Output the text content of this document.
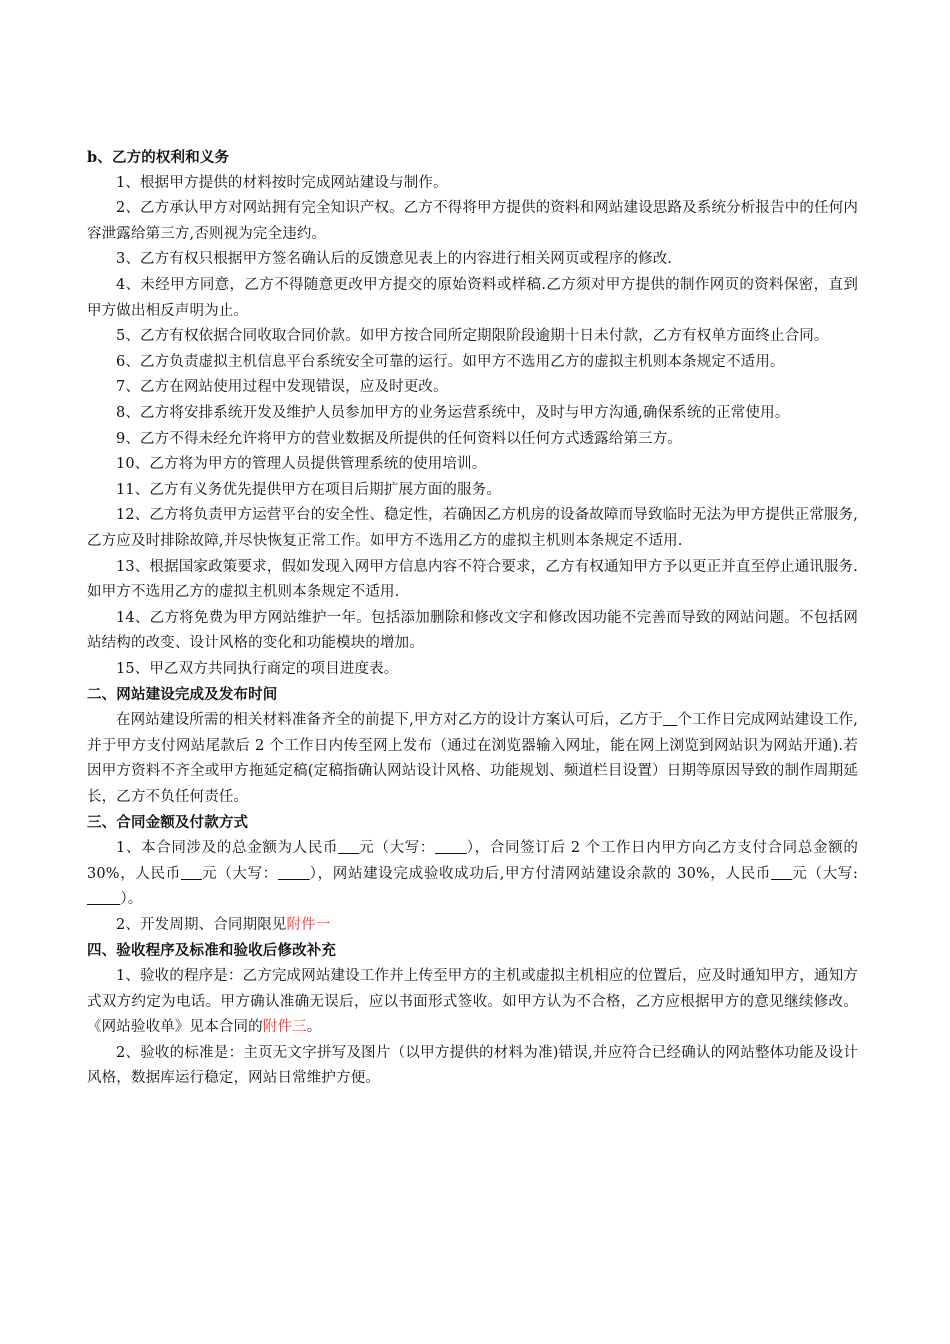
b、乙方的权利和义务

1、根据甲方提供的材料按时完成网站建设与制作。

2、乙方承认甲方对网站拥有完全知识产权。乙方不得将甲方提供的资料和网站建设思路及系统分析报告中的任何内容泄露给第三方,否则视为完全违约。

3、乙方有权只根据甲方签名确认后的反馈意见表上的内容进行相关网页或程序的修改.

4、未经甲方同意，乙方不得随意更改甲方提交的原始资料或样稿.乙方须对甲方提供的制作网页的资料保密，直到甲方做出相反声明为止。

5、乙方有权依据合同收取合同价款。如甲方按合同所定期限阶段逾期十日未付款，乙方有权单方面终止合同。

6、乙方负责虚拟主机信息平台系统安全可靠的运行。如甲方不选用乙方的虚拟主机则本条规定不适用。

7、乙方在网站使用过程中发现错误，应及时更改。

8、乙方将安排系统开发及维护人员参加甲方的业务运营系统中，及时与甲方沟通,确保系统的正常使用。

9、乙方不得未经允许将甲方的营业数据及所提供的任何资料以任何方式透露给第三方。

10、乙方将为甲方的管理人员提供管理系统的使用培训。

11、乙方有义务优先提供甲方在项目后期扩展方面的服务。

12、乙方将负责甲方运营平台的安全性、稳定性，若确因乙方机房的设备故障而导致临时无法为甲方提供正常服务,乙方应及时排除故障,并尽快恢复正常工作。如甲方不选用乙方的虚拟主机则本条规定不适用.

13、根据国家政策要求，假如发现入网甲方信息内容不符合要求，乙方有权通知甲方予以更正并直至停止通讯服务.如甲方不选用乙方的虚拟主机则本条规定不适用.

14、乙方将免费为甲方网站维护一年。包括添加删除和修改文字和修改因功能不完善而导致的网站问题。不包括网站结构的改变、设计风格的变化和功能模块的增加。

15、甲乙双方共同执行商定的项目进度表。

二、网站建设完成及发布时间

在网站建设所需的相关材料准备齐全的前提下,甲方对乙方的设计方案认可后，乙方于 个工作日完成网站建设工作,并于甲方支付网站尾款后 2 个工作日内传至网上发布（通过在浏览器输入网址，能在网上浏览到网站识为网站开通).若因甲方资料不齐全或甲方拖延定稿(定稿指确认网站设计风格、功能规划、频道栏目设置）日期等原因导致的制作周期延长，乙方不负任何责任。

三、合同金额及付款方式

1、本合同涉及的总金额为人民币 元（大写： ），合同签订后 2 个工作日内甲方向乙方支付合同总金额的 30%，人民币 元（大写： ），网站建设完成验收成功后,甲方付清网站建设余款的 30%，人民币 元（大写:       ）。

2、开发周期、合同期限见附件一

四、验收程序及标准和验收后修改补充

1、验收的程序是：乙方完成网站建设工作并上传至甲方的主机或虚拟主机相应的位置后，应及时通知甲方，通知方式双方约定为电话。甲方确认准确无误后，应以书面形式签收。如甲方认为不合格，乙方应根据甲方的意见继续修改。《网站验收单》见本合同的附件三。

2、验收的标准是：主页无文字拼写及图片（以甲方提供的材料为准)错误,并应符合已经确认的网站整体功能及设计风格，数据库运行稳定，网站日常维护方便。
